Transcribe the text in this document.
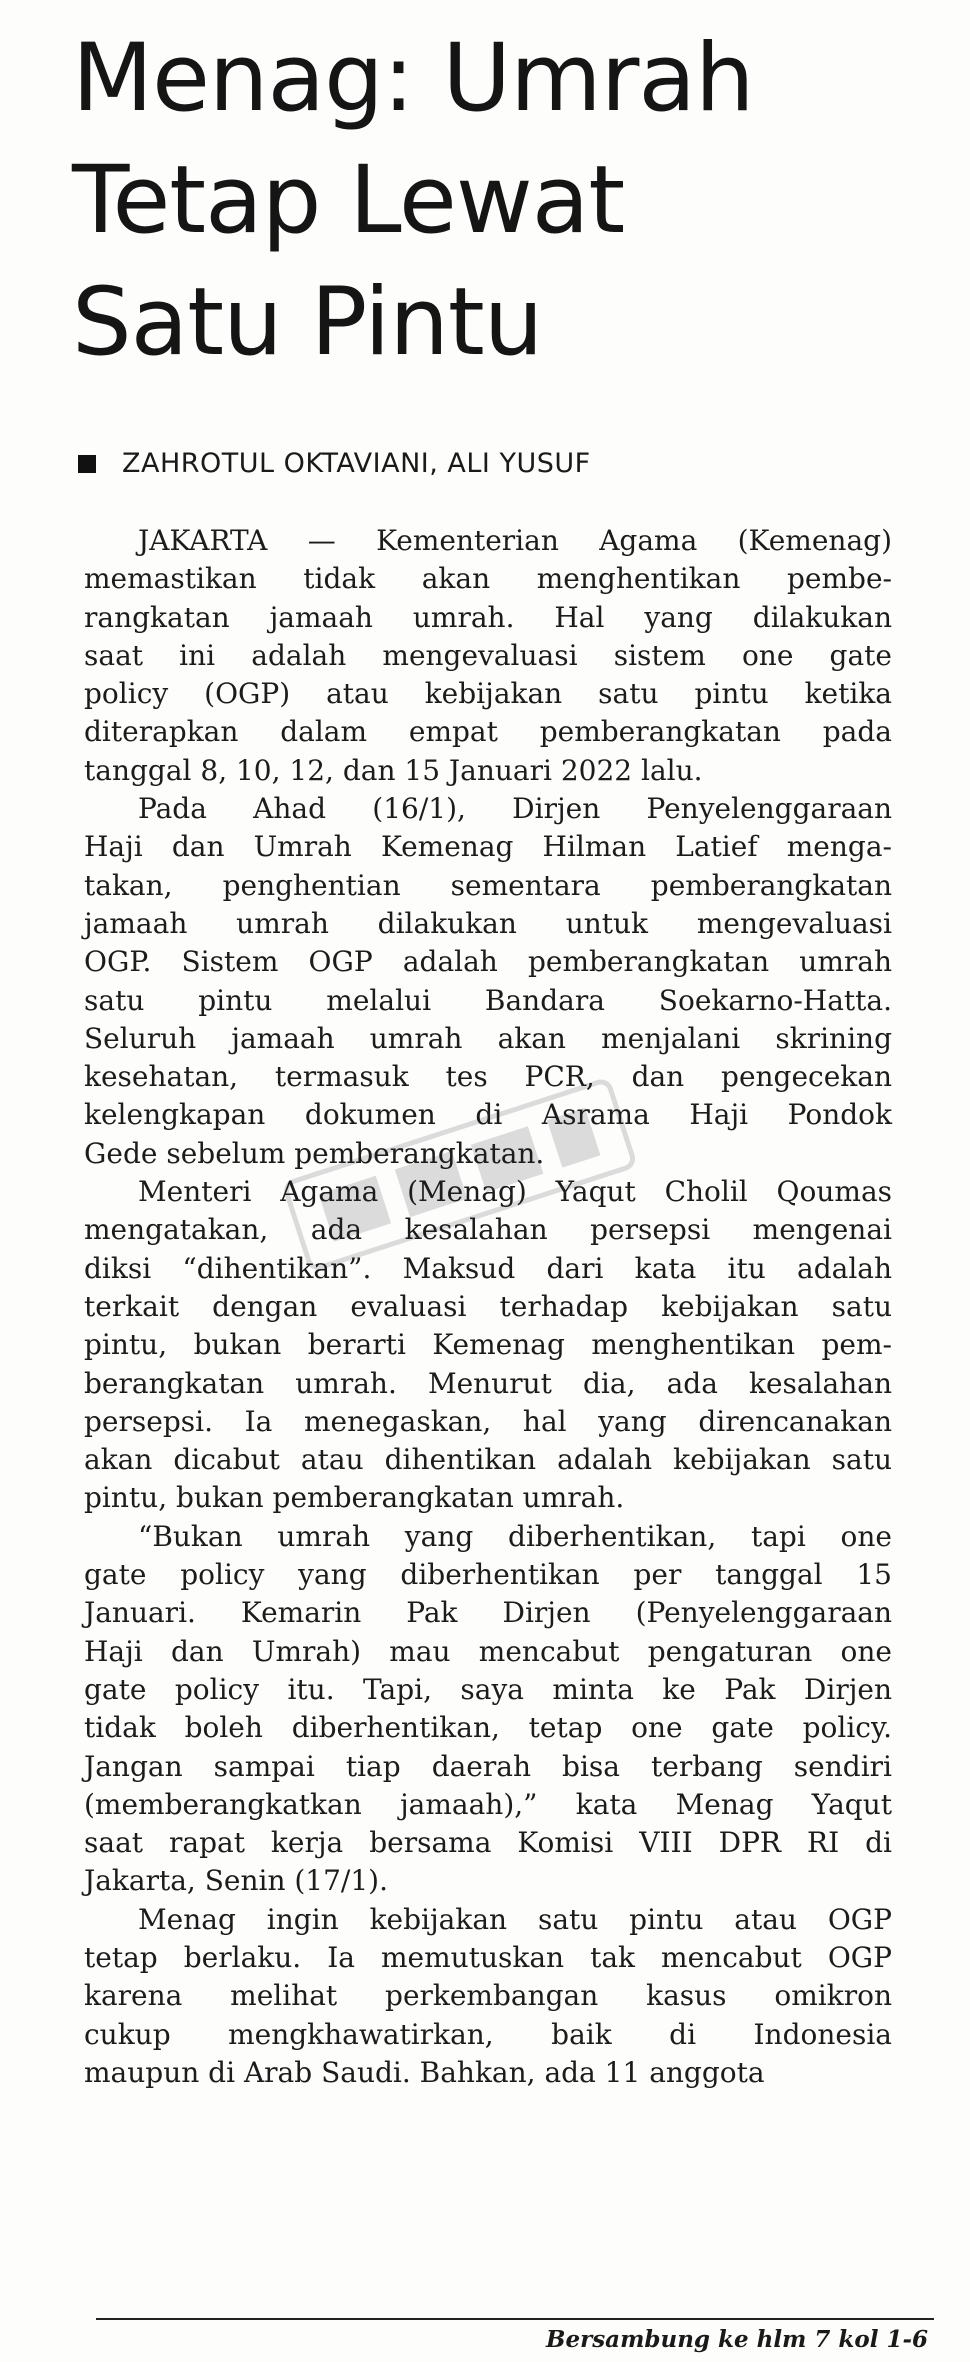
Menag: Umrah
Tetap Lewat
Satu Pintu
ZAHROTUL OKTAVIANI, ALI YUSUF
JAKARTA — Kementerian Agama (Kemenag)
memastikan tidak akan menghentikan pembe-
rangkatan jamaah umrah. Hal yang dilakukan
saat ini adalah mengevaluasi sistem one gate
policy (OGP) atau kebijakan satu pintu ketika
diterapkan dalam empat pemberangkatan pada
tanggal 8, 10, 12, dan 15 Januari 2022 lalu.
Pada Ahad (16/1), Dirjen Penyelenggaraan
Haji dan Umrah Kemenag Hilman Latief menga-
takan, penghentian sementara pemberangkatan
jamaah umrah dilakukan untuk mengevaluasi
OGP. Sistem OGP adalah pemberangkatan umrah
satu pintu melalui Bandara Soekarno-Hatta.
Seluruh jamaah umrah akan menjalani skrining
kesehatan, termasuk tes PCR, dan pengecekan
kelengkapan dokumen di Asrama Haji Pondok
Gede sebelum pemberangkatan.
Menteri Agama (Menag) Yaqut Cholil Qoumas
mengatakan, ada kesalahan persepsi mengenai
diksi “dihentikan”. Maksud dari kata itu adalah
terkait dengan evaluasi terhadap kebijakan satu
pintu, bukan berarti Kemenag menghentikan pem-
berangkatan umrah. Menurut dia, ada kesalahan
persepsi. Ia menegaskan, hal yang direncanakan
akan dicabut atau dihentikan adalah kebijakan satu
pintu, bukan pemberangkatan umrah.
“Bukan umrah yang diberhentikan, tapi one
gate policy yang diberhentikan per tanggal 15
Januari. Kemarin Pak Dirjen (Penyelenggaraan
Haji dan Umrah) mau mencabut pengaturan one
gate policy itu. Tapi, saya minta ke Pak Dirjen
tidak boleh diberhentikan, tetap one gate policy.
Jangan sampai tiap daerah bisa terbang sendiri
(memberangkatkan jamaah),” kata Menag Yaqut
saat rapat kerja bersama Komisi VIII DPR RI di
Jakarta, Senin (17/1).
Menag ingin kebijakan satu pintu atau OGP
tetap berlaku. Ia memutuskan tak mencabut OGP
karena melihat perkembangan kasus omikron
cukup mengkhawatirkan, baik di Indonesia
maupun di Arab Saudi. Bahkan, ada 11 anggota
Bersambung ke hlm 7 kol 1-6
